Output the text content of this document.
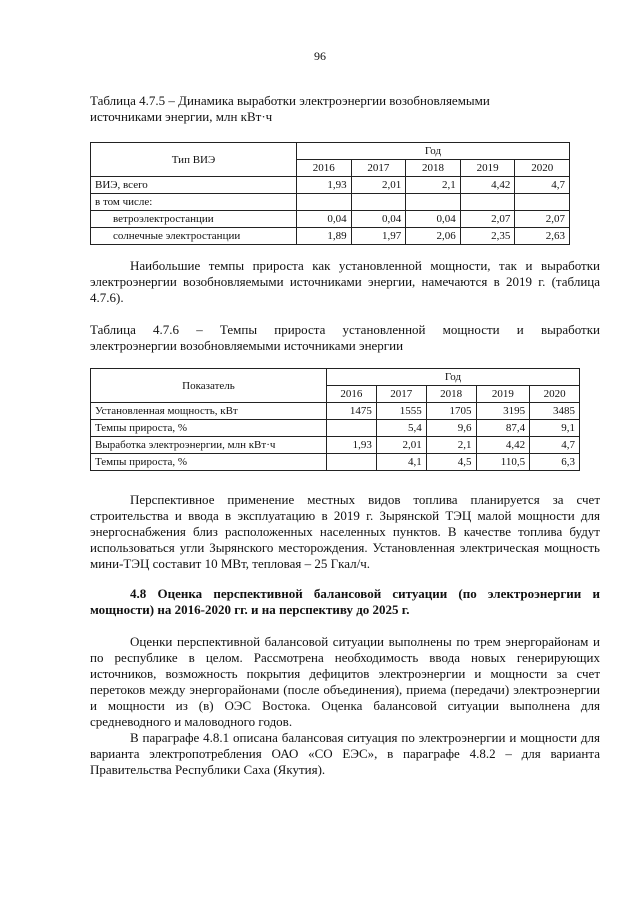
96
Таблица 4.7.5 – Динамика выработки электроэнергии возобновляемыми
источниками энергии, млн кВт·ч
Тип ВИЭ	Год				
	2016	2017	2018	2019	2020
ВИЭ, всего	1,93	2,01	2,1	4,42	4,7
в том числе:					
ветроэлектростанции	0,04	0,04	0,04	2,07	2,07
солнечные электростанции	1,89	1,97	2,06	2,35	2,63
Наибольшие темпы прироста как установленной мощности, так и выработки электроэнергии возобновляемыми источниками энергии, намечаются в 2019 г. (таблица 4.7.6).
Таблица 4.7.6 – Темпы прироста установленной мощности и выработки
электроэнергии возобновляемыми источниками энергии
Показатель	Год				
	2016	2017	2018	2019	2020
Установленная мощность, кВт	1475	1555	1705	3195	3485
Темпы прироста, %		5,4	9,6	87,4	9,1
Выработка электроэнергии, млн кВт·ч	1,93	2,01	2,1	4,42	4,7
Темпы прироста, %		4,1	4,5	110,5	6,3
Перспективное применение местных видов топлива планируется за счет строительства и ввода в эксплуатацию в 2019 г. Зырянской ТЭЦ малой мощности для энергоснабжения близ расположенных населенных пунктов. В качестве топлива будут использоваться угли Зырянского месторождения. Установленная электрическая мощность мини-ТЭЦ составит 10 МВт, тепловая – 25 Гкал/ч.
4.8 Оценка перспективной балансовой ситуации (по электроэнергии и мощности) на 2016-2020 гг. и на перспективу до 2025 г.
Оценки перспективной балансовой ситуации выполнены по трем энергорайонам и по республике в целом. Рассмотрена необходимость ввода новых генерирующих источников, возможность покрытия дефицитов электроэнергии и мощности за счет перетоков между энергорайонами (после объединения), приема (передачи) электроэнергии и мощности из (в) ОЭС Востока. Оценка балансовой ситуации выполнена для средневодного и маловодного годов.
В параграфе 4.8.1 описана балансовая ситуация по электроэнергии и мощности для варианта электропотребления ОАО «СО ЕЭС», в параграфе 4.8.2 – для варианта Правительства Республики Саха (Якутия).
